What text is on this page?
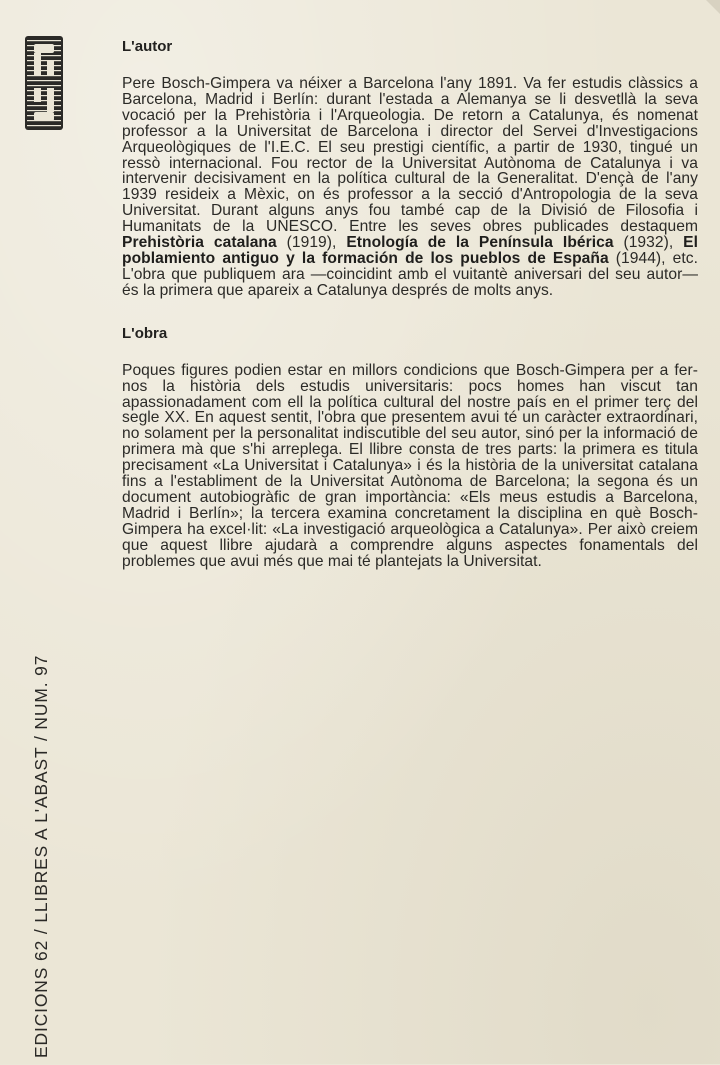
EDICIONS 62 / LLIBRES A L'ABAST / NUM. 97
L'autor

Pere Bosch-Gimpera va néixer a Barcelona l'any 1891. Va fer estudis clàssics a Barcelona, Madrid i Berlín: durant l'estada a Alemanya se li desvetllà la seva vocació per la Prehistòria i l'Arqueologia. De retorn a Catalunya, és nomenat professor a la Universitat de Barcelona i director del Servei d'Investigacions Arqueològiques de l'I.E.C. El seu prestigi científic, a partir de 1930, tingué un ressò internacional. Fou rector de la Universitat Autònoma de Catalunya i va intervenir decisivament en la política cultural de la Generalitat. D'ençà de l'any 1939 resideix a Mèxic, on és professor a la secció d'Antropologia de la seva Universitat. Durant alguns anys fou també cap de la Divisió de Filosofia i Humanitats de la UNESCO. Entre les seves obres publicades destaquem Prehistòria catalana (1919), Etnología de la Península Ibérica (1932), El poblamiento antiguo y la formación de los pueblos de España (1944), etc. L'obra que publiquem ara —coincidint amb el vuitantè aniversari del seu autor— és la primera que apareix a Catalunya després de molts anys.

L'obra

Poques figures podien estar en millors condicions que Bosch-Gimpera per a fer-nos la història dels estudis universitaris: pocs homes han viscut tan apassionadament com ell la política cultural del nostre país en el primer terç del segle XX. En aquest sentit, l'obra que presentem avui té un caràcter extraordinari, no solament per la personalitat indiscutible del seu autor, sinó per la informació de primera mà que s'hi arreplega. El llibre consta de tres parts: la primera es titula precisament «La Universitat i Catalunya» i és la història de la universitat catalana fins a l'establiment de la Universitat Autònoma de Barcelona; la segona és un document autobiogràfic de gran importància: «Els meus estudis a Barcelona, Madrid i Berlín»; la tercera examina concretament la disciplina en què Bosch-Gimpera ha excel·lit: «La investigació arqueològica a Catalunya». Per això creiem que aquest llibre ajudarà a comprendre alguns aspectes fonamentals del problemes que avui més que mai té plantejats la Universitat.
